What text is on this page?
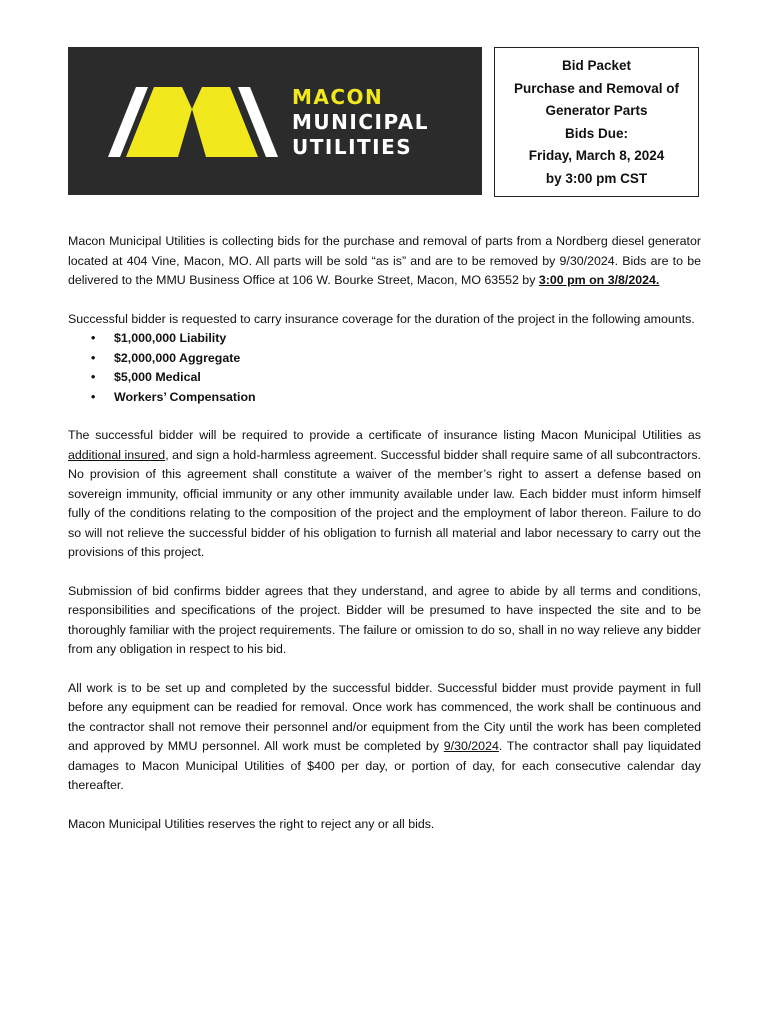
MACON
MUNICIPAL
UTILITIES
Bid Packet
Purchase and Removal of
Generator Parts
Bids Due:
Friday, March 8, 2024
by 3:00 pm CST

Macon Municipal Utilities is collecting bids for the purchase and removal of parts from a Nordberg diesel generator located at 404 Vine, Macon, MO. All parts will be sold “as is” and are to be removed by 9/30/2024. Bids are to be delivered to the MMU Business Office at 106 W. Bourke Street, Macon, MO 63552 by 3:00 pm on 3/8/2024.

Successful bidder is requested to carry insurance coverage for the duration of the project in the following amounts.

• $1,000,000 Liability
• $2,000,000 Aggregate
• $5,000 Medical
• Workers’ Compensation

The successful bidder will be required to provide a certificate of insurance listing Macon Municipal Utilities as additional insured, and sign a hold-harmless agreement. Successful bidder shall require same of all subcontractors. No provision of this agreement shall constitute a waiver of the member’s right to assert a defense based on sovereign immunity, official immunity or any other immunity available under law. Each bidder must inform himself fully of the conditions relating to the composition of the project and the employment of labor thereon. Failure to do so will not relieve the successful bidder of his obligation to furnish all material and labor necessary to carry out the provisions of this project.

Submission of bid confirms bidder agrees that they understand, and agree to abide by all terms and conditions, responsibilities and specifications of the project. Bidder will be presumed to have inspected the site and to be thoroughly familiar with the project requirements. The failure or omission to do so, shall in no way relieve any bidder from any obligation in respect to his bid.

All work is to be set up and completed by the successful bidder. Successful bidder must provide payment in full before any equipment can be readied for removal. Once work has commenced, the work shall be continuous and the contractor shall not remove their personnel and/or equipment from the City until the work has been completed and approved by MMU personnel. All work must be completed by 9/30/2024. The contractor shall pay liquidated damages to Macon Municipal Utilities of $400 per day, or portion of day, for each consecutive calendar day thereafter.

Macon Municipal Utilities reserves the right to reject any or all bids.
